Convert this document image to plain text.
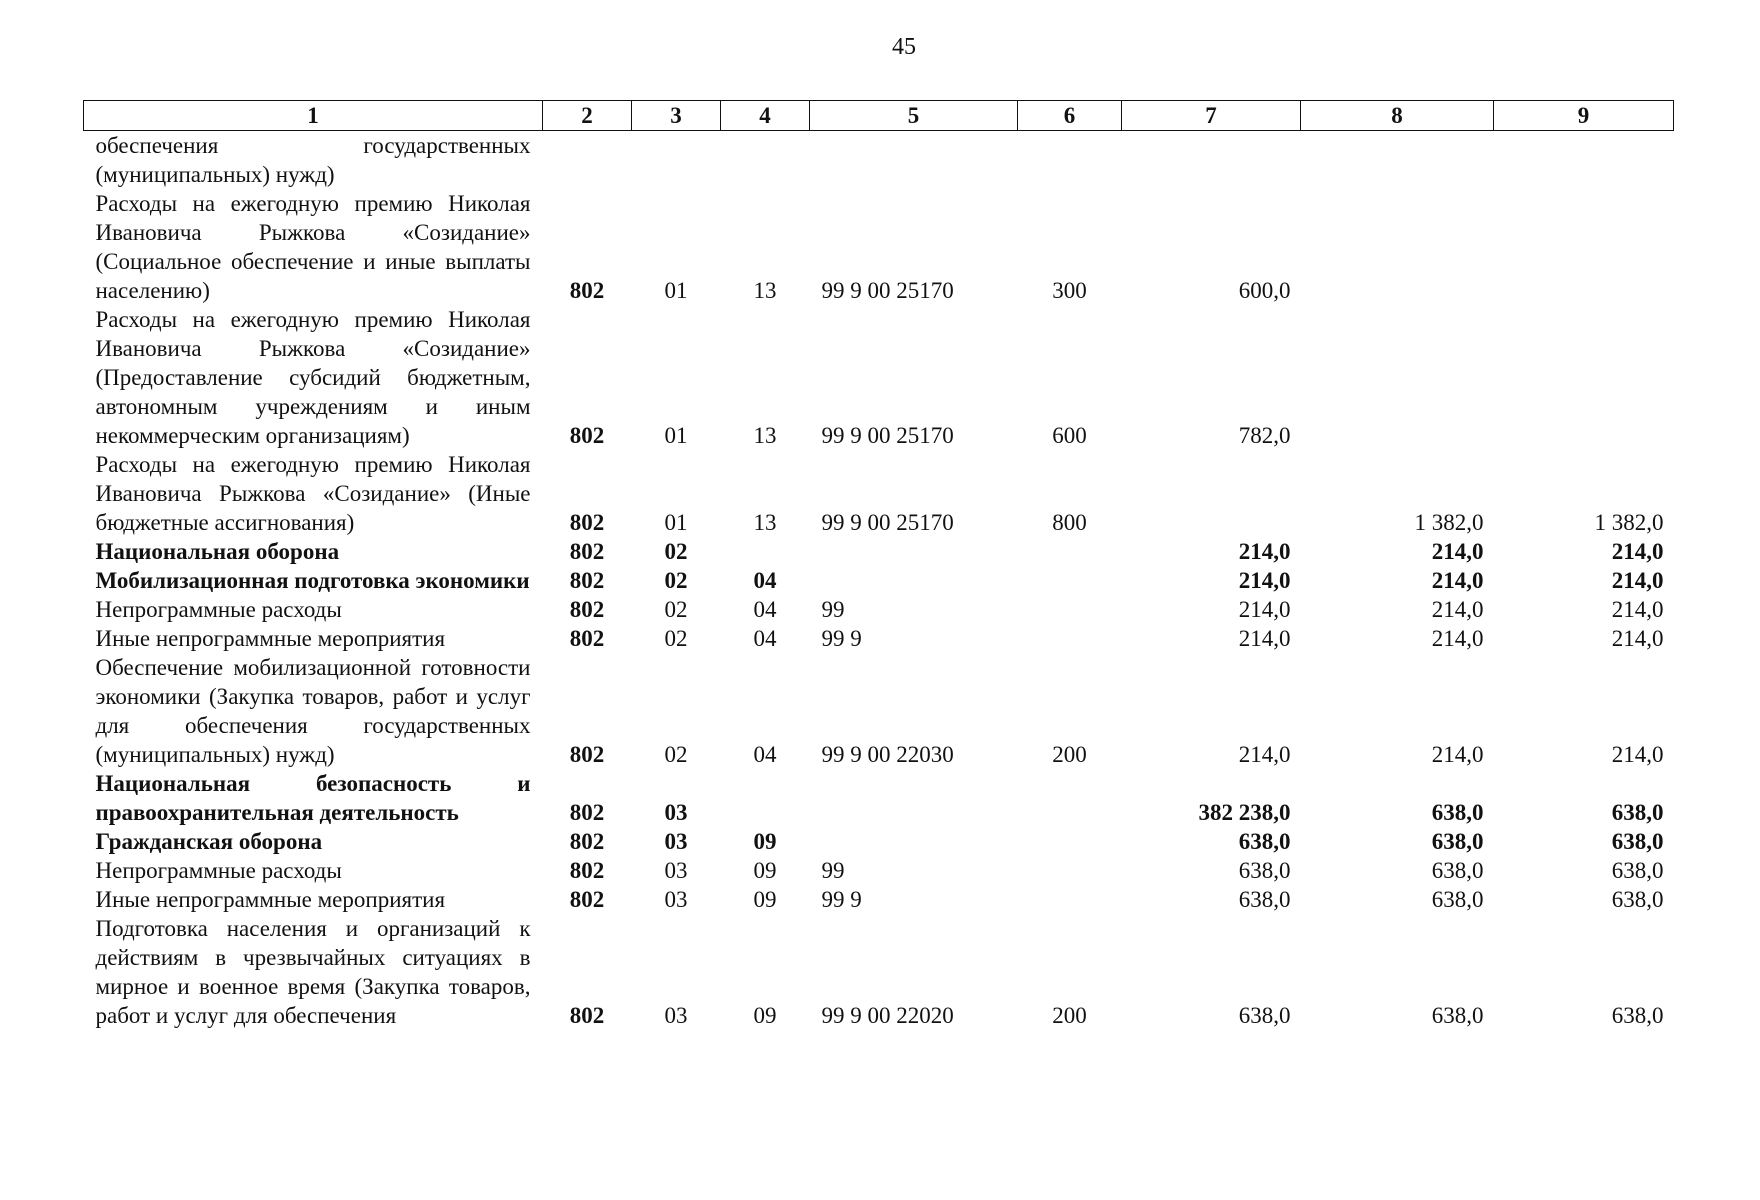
45
1	2	3	4	5	6	7	8	9
обеспечения государственных (муниципальных) нужд)								
Расходы на ежегодную премию Николая Ивановича Рыжкова «Созидание» (Социальное обеспечение и иные выплаты населению)	802	01	13	99 9 00 25170	300	600,0		
Расходы на ежегодную премию Николая Ивановича Рыжкова «Созидание» (Предоставление субсидий бюджетным, автономным учреждениям и иным некоммерческим организациям)	802	01	13	99 9 00 25170	600	782,0		
Расходы на ежегодную премию Николая Ивановича Рыжкова «Созидание» (Иные бюджетные ассигнования)	802	01	13	99 9 00 25170	800		1 382,0	1 382,0
Национальная оборона	802	02				214,0	214,0	214,0
Мобилизационная подготовка экономики	802	02	04			214,0	214,0	214,0
Непрограммные расходы	802	02	04	99		214,0	214,0	214,0
Иные непрограммные мероприятия	802	02	04	99 9		214,0	214,0	214,0
Обеспечение мобилизационной готовности экономики (Закупка товаров, работ и услуг для обеспечения государственных (муниципальных) нужд)	802	02	04	99 9 00 22030	200	214,0	214,0	214,0
Национальная безопасность и правоохранительная деятельность	802	03				382 238,0	638,0	638,0
Гражданская оборона	802	03	09			638,0	638,0	638,0
Непрограммные расходы	802	03	09	99		638,0	638,0	638,0
Иные непрограммные мероприятия	802	03	09	99 9		638,0	638,0	638,0
Подготовка населения и организаций к действиям в чрезвычайных ситуациях в мирное и военное время (Закупка товаров, работ и услуг для обеспечения	802	03	09	99 9 00 22020	200	638,0	638,0	638,0
